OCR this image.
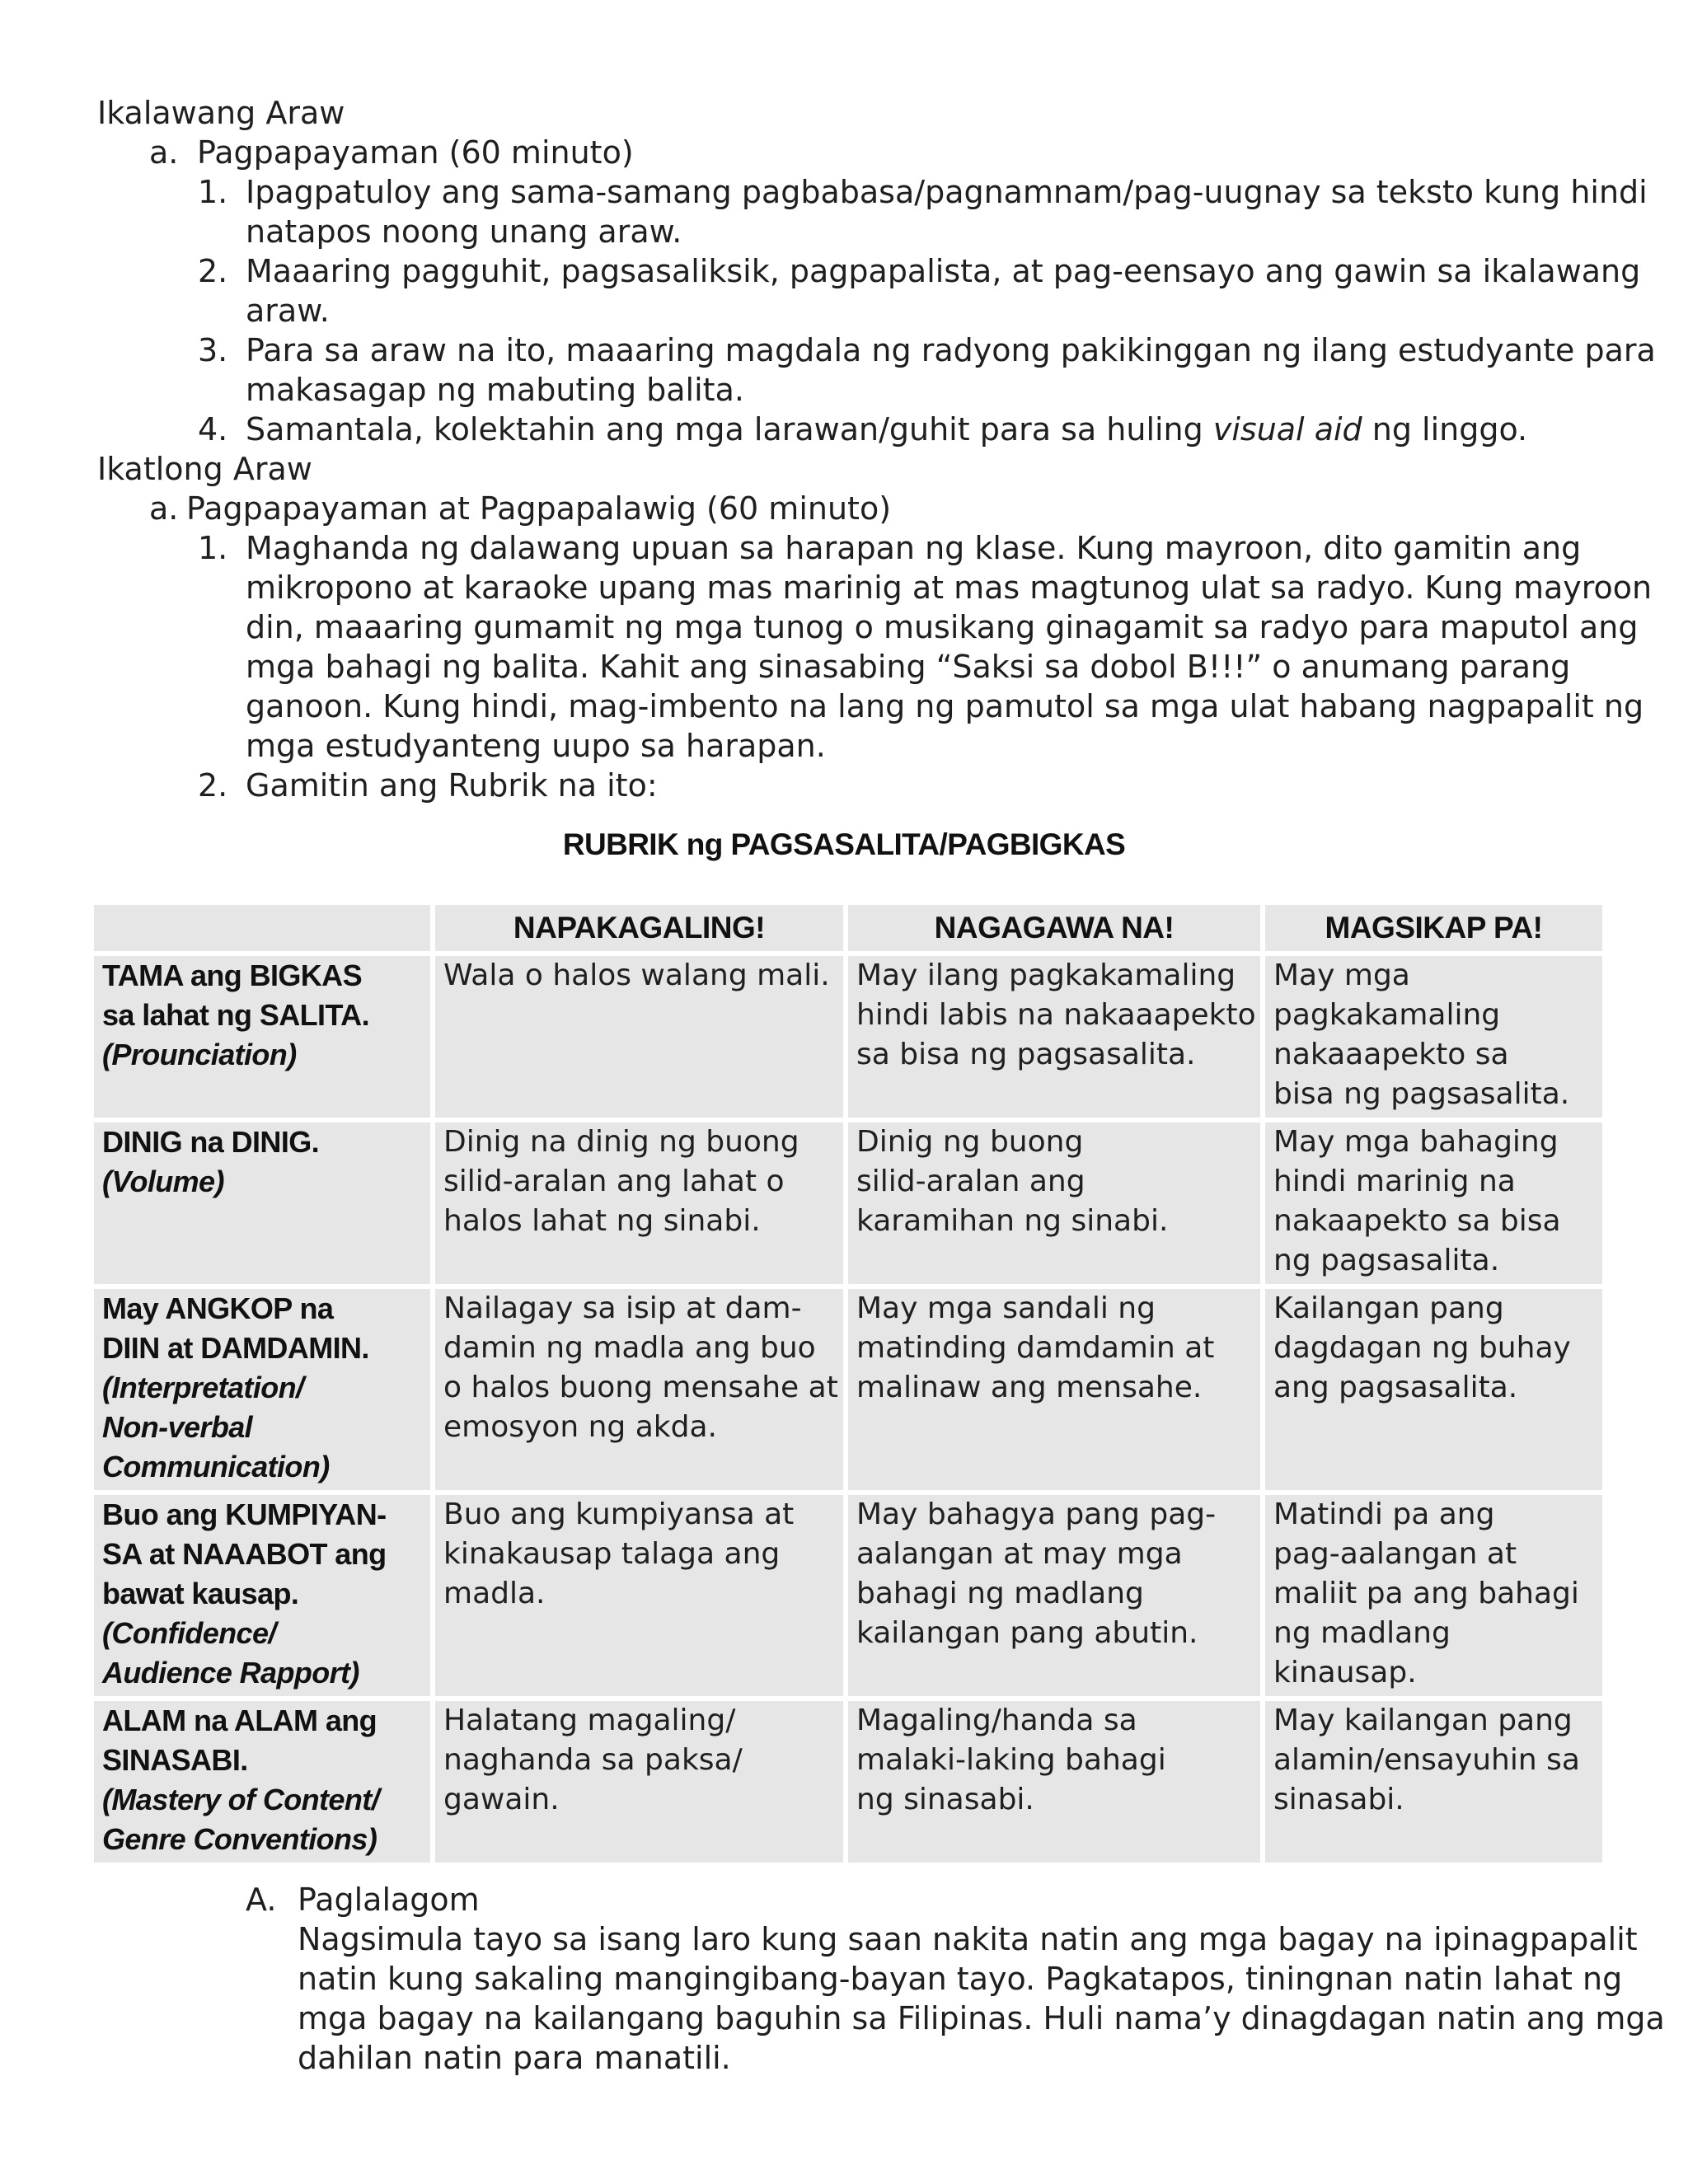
Ikalawang Araw
a. Pagpapayaman (60 minuto)
1. Ipagpatuloy ang sama-samang pagbabasa/pagnamnam/pag-uugnay sa teksto kung hindi
natapos noong unang araw.
2. Maaaring pagguhit, pagsasaliksik, pagpapalista, at pag-eensayo ang gawin sa ikalawang
araw.
3. Para sa araw na ito, maaaring magdala ng radyong pakikinggan ng ilang estudyante para
makasagap ng mabuting balita.
4. Samantala, kolektahin ang mga larawan/guhit para sa huling visual aid ng linggo.
Ikatlong Araw
a. Pagpapayaman at Pagpapalawig (60 minuto)
1. Maghanda ng dalawang upuan sa harapan ng klase. Kung mayroon, dito gamitin ang
mikropono at karaoke upang mas marinig at mas magtunog ulat sa radyo. Kung mayroon
din, maaaring gumamit ng mga tunog o musikang ginagamit sa radyo para maputol ang
mga bahagi ng balita. Kahit ang sinasabing “Saksi sa dobol B!!!” o anumang parang
ganoon. Kung hindi, mag-imbento na lang ng pamutol sa mga ulat habang nagpapalit ng
mga estudyanteng uupo sa harapan.
2. Gamitin ang Rubrik na ito:
RUBRIK ng PAGSASALITA/PAGBIGKAS
	NAPAKAGALING!	NAGAGAWA NA!	MAGSIKAP PA!

TAMA ang BIGKAS
sa lahat ng SALITA.
(Prounciation)	Wala o halos walang mali.	May ilang pagkakamaling
hindi labis na nakaaapekto
sa bisa ng pagsasalita.	May mga
pagkakamaling
nakaaapekto sa
bisa ng pagsasalita.

DINIG na DINIG.
(Volume)	Dinig na dinig ng buong
silid-aralan ang lahat o
halos lahat ng sinabi.	Dinig ng buong
silid-aralan ang
karamihan ng sinabi.	May mga bahaging
hindi marinig na
nakaapekto sa bisa
ng pagsasalita.

May ANGKOP na
DIIN at DAMDAMIN.
(Interpretation/
Non-verbal
Communication)	Nailagay sa isip at dam-
damin ng madla ang buo
o halos buong mensahe at
emosyon ng akda.	May mga sandali ng
matinding damdamin at
malinaw ang mensahe.	Kailangan pang
dagdagan ng buhay
ang pagsasalita.

Buo ang KUMPIYAN-
SA at NAAABOT ang
bawat kausap.
(Confidence/
Audience Rapport)	Buo ang kumpiyansa at
kinakausap talaga ang
madla.	May bahagya pang pag-
aalangan at may mga
bahagi ng madlang
kailangan pang abutin.	Matindi pa ang
pag-aalangan at
maliit pa ang bahagi
ng madlang
kinausap.

ALAM na ALAM ang
SINASABI.
(Mastery of Content/
Genre Conventions)	Halatang magaling/
naghanda sa paksa/
gawain.	Magaling/handa sa
malaki-laking bahagi
ng sinasabi.	May kailangan pang
alamin/ensayuhin sa
sinasabi.
A. Paglalagom
Nagsimula tayo sa isang laro kung saan nakita natin ang mga bagay na ipinagpapalit
natin kung sakaling mangingibang-bayan tayo. Pagkatapos, tiningnan natin lahat ng
mga bagay na kailangang baguhin sa Filipinas. Huli nama’y dinagdagan natin ang mga
dahilan natin para manatili.
